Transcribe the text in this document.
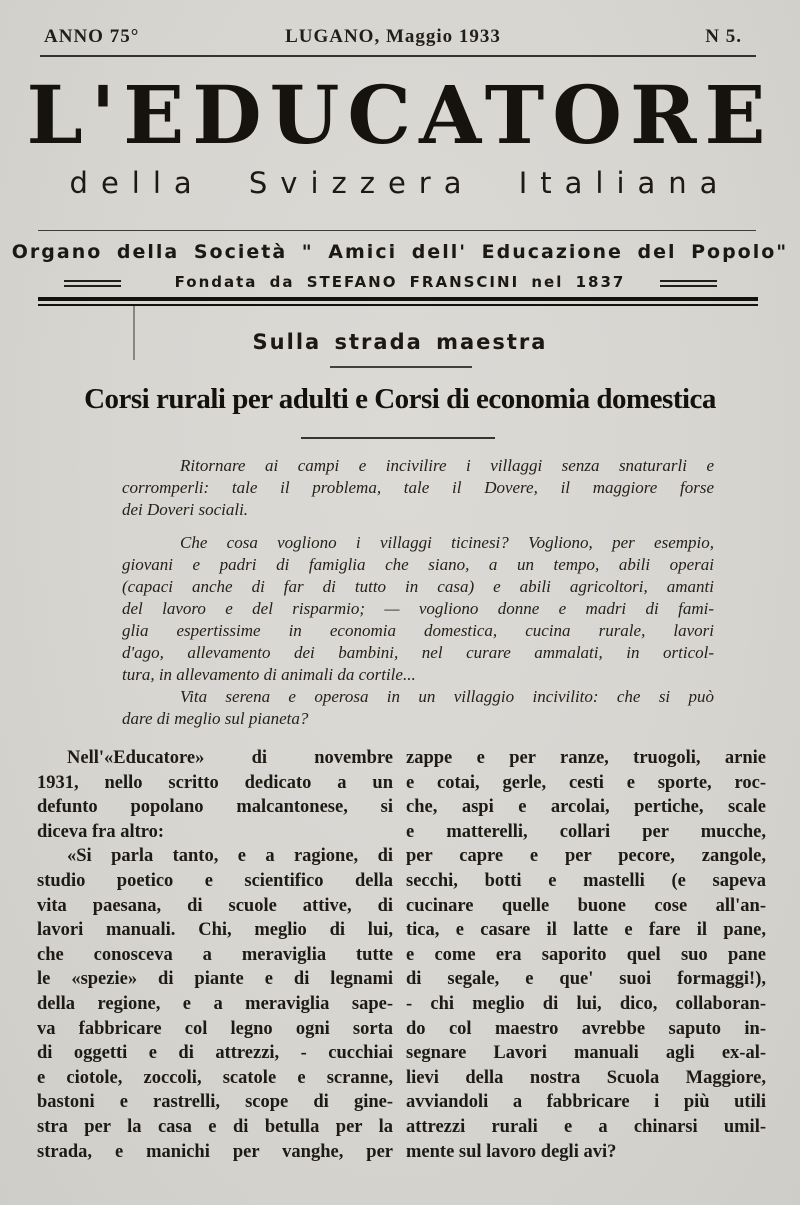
ANNO 75°	LUGANO, Maggio 1933	N 5.
L'EDUCATORE
della Svizzera Italiana
Organo della Società " Amici dell' Educazione del Popolo"
Fondata da STEFANO FRANSCINI nel 1837
Sulla strada maestra
Corsi rurali per adulti e Corsi di economia domestica
Ritornare ai campi e incivilire i villaggi senza snaturarli e
corromperli: tale il problema, tale il Dovere, il maggiore forse
dei Doveri sociali.
Che cosa vogliono i villaggi ticinesi? Vogliono, per esempio,
giovani e padri di famiglia che siano, a un tempo, abili operai
(capaci anche di far di tutto in casa) e abili agricoltori, amanti
del lavoro e del risparmio; — vogliono donne e madri di fami-
glia espertissime in economia domestica, cucina rurale, lavori
d'ago, allevamento dei bambini, nel curare ammalati, in orticol-
tura, in allevamento di animali da cortile...
Vita serena e operosa in un villaggio incivilito: che si può
dare di meglio sul pianeta?
Nell'«Educatore» di novembre
1931, nello scritto dedicato a un
defunto popolano malcantonese, si
diceva fra altro:
«Si parla tanto, e a ragione, di
studio poetico e scientifico della
vita paesana, di scuole attive, di
lavori manuali. Chi, meglio di lui,
che conosceva a meraviglia tutte
le «spezie» di piante e di legnami
della regione, e a meraviglia sape-
va fabbricare col legno ogni sorta
di oggetti e di attrezzi, - cucchiai
e ciotole, zoccoli, scatole e scranne,
bastoni e rastrelli, scope di gine-
stra per la casa e di betulla per la
strada, e manichi per vanghe, per
zappe e per ranze, truogoli, arnie
e cotai, gerle, cesti e sporte, roc-
che, aspi e arcolai, pertiche, scale
e matterelli, collari per mucche,
per capre e per pecore, zangole,
secchi, botti e mastelli (e sapeva
cucinare quelle buone cose all'an-
tica, e casare il latte e fare il pane,
e come era saporito quel suo pane
di segale, e que' suoi formaggi!),
- chi meglio di lui, dico, collaboran-
do col maestro avrebbe saputo in-
segnare Lavori manuali agli ex-al-
lievi della nostra Scuola Maggiore,
avviandoli a fabbricare i più utili
attrezzi rurali e a chinarsi umil-
mente sul lavoro degli avi?
